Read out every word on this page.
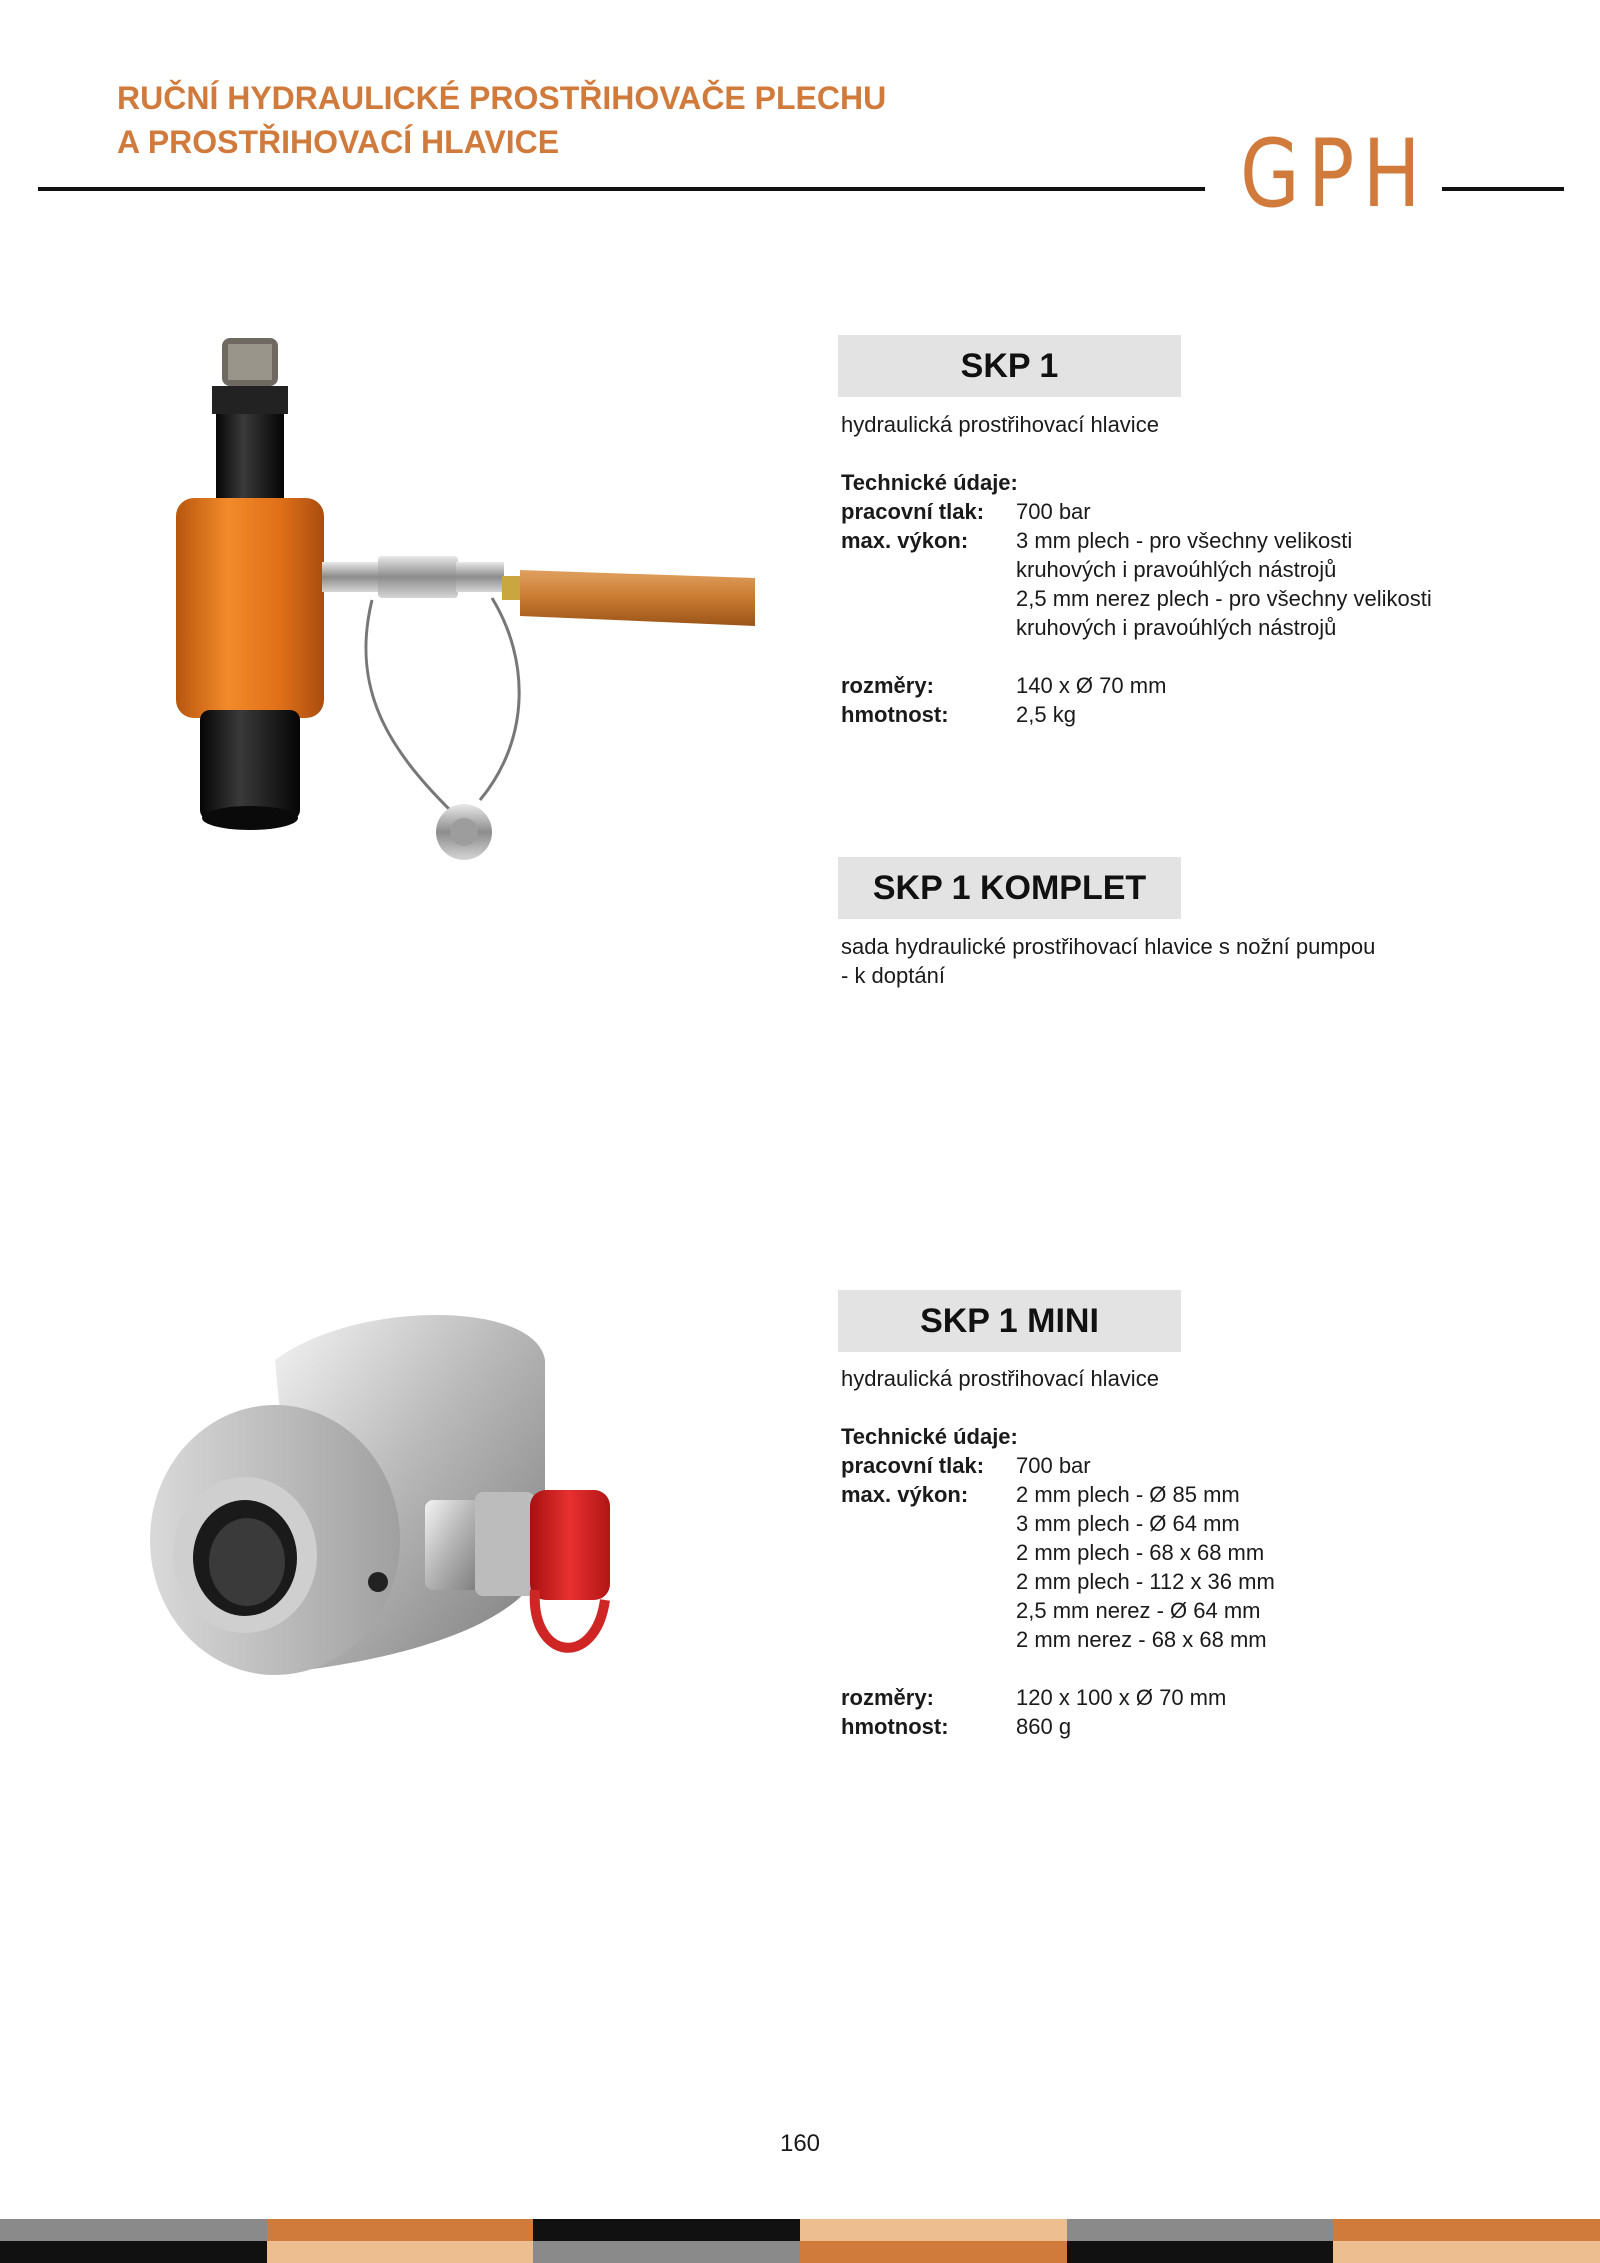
RUČNÍ HYDRAULICKÉ PROSTŘIHOVAČE PLECHU
A PROSTŘIHOVACÍ HLAVICE	GPH
SKP 1
hydraulická prostřihovací hlavice
Technické údaje:
pracovní tlak:	700 bar
max. výkon:	3 mm plech - pro všechny velikosti
kruhových i pravoúhlých nástrojů
2,5 mm nerez plech - pro všechny velikosti
kruhových i pravoúhlých nástrojů
rozměry:	140 x Ø 70 mm
hmotnost:	2,5 kg
SKP 1 KOMPLET
sada hydraulické prostřihovací hlavice s nožní pumpou
- k doptání
SKP 1 MINI
hydraulická prostřihovací hlavice
Technické údaje:
pracovní tlak:	700 bar
max. výkon:	2 mm plech - Ø 85 mm
3 mm plech - Ø 64 mm
2 mm plech - 68 x 68 mm
2 mm plech - 112 x 36 mm
2,5 mm nerez - Ø 64 mm
2 mm nerez - 68 x 68 mm
rozměry:	120 x 100 x Ø 70 mm
hmotnost:	860 g
160
